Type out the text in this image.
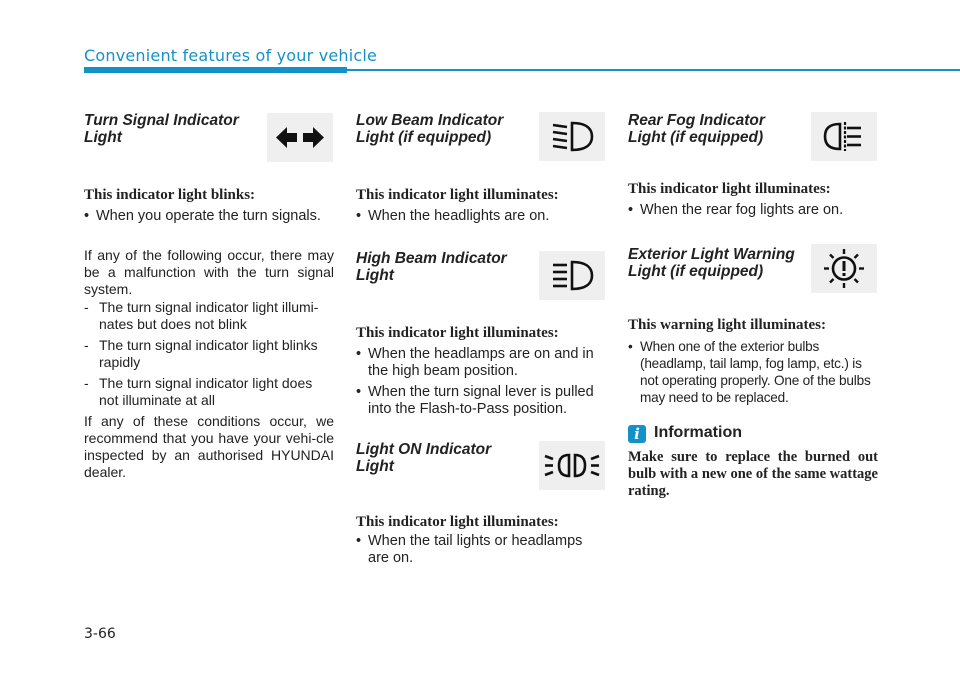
Convenient features of your vehicle
Turn Signal Indicator Light
This indicator light blinks:
• When you operate the turn signals.
If any of the following occur, there may be a malfunction with the turn signal system.
- The turn signal indicator light illumi-nates but does not blink
- The turn signal indicator light blinks rapidly
- The turn signal indicator light does not illuminate at all
If any of these conditions occur, we recommend that you have your vehi-cle inspected by an authorised HYUNDAI dealer.
Low Beam Indicator Light (if equipped)
This indicator light illuminates:
• When the headlights are on.
High Beam Indicator Light
This indicator light illuminates:
• When the headlamps are on and in the high beam position.
• When the turn signal lever is pulled into the Flash-to-Pass position.
Light ON Indicator Light
This indicator light illuminates:
• When the tail lights or headlamps are on.
Rear Fog Indicator Light (if equipped)
This indicator light illuminates:
• When the rear fog lights are on.
Exterior Light Warning Light (if equipped)
This warning light illuminates:
• When one of the exterior bulbs (headlamp, tail lamp, fog lamp, etc.) is not operating properly. One of the bulbs may need to be replaced.
i Information
Make sure to replace the burned out bulb with a new one of the same wattage rating.
3-66
